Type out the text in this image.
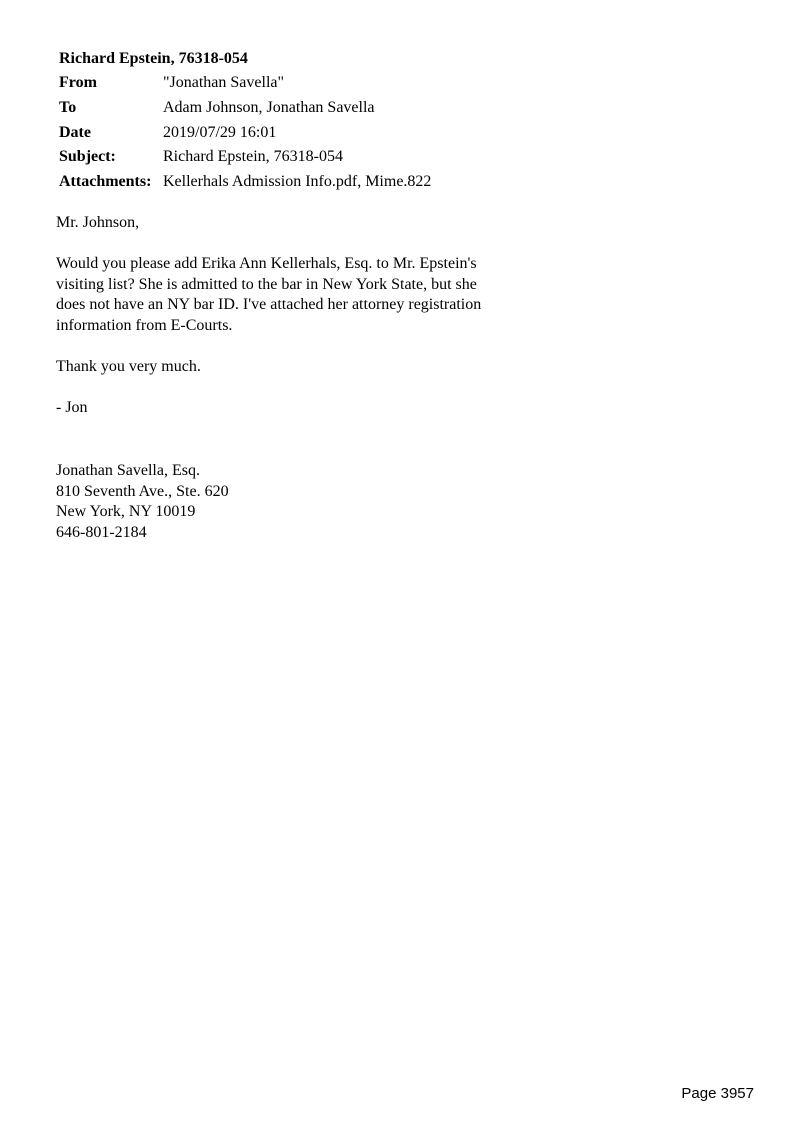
Richard Epstein, 76318-054
From	"Jonathan Savella"
To	Adam Johnson, Jonathan Savella
Date	2019/07/29 16:01
Subject:	Richard Epstein, 76318-054
Attachments:	Kellerhals Admission Info.pdf, Mime.822

Mr. Johnson,

Would you please add Erika Ann Kellerhals, Esq. to Mr. Epstein's
visiting list? She is admitted to the bar in New York State, but she
does not have an NY bar ID. I've attached her attorney registration
information from E-Courts.

Thank you very much.

- Jon

Jonathan Savella, Esq.
810 Seventh Ave., Ste. 620
New York, NY 10019
646-801-2184
Page 3957
